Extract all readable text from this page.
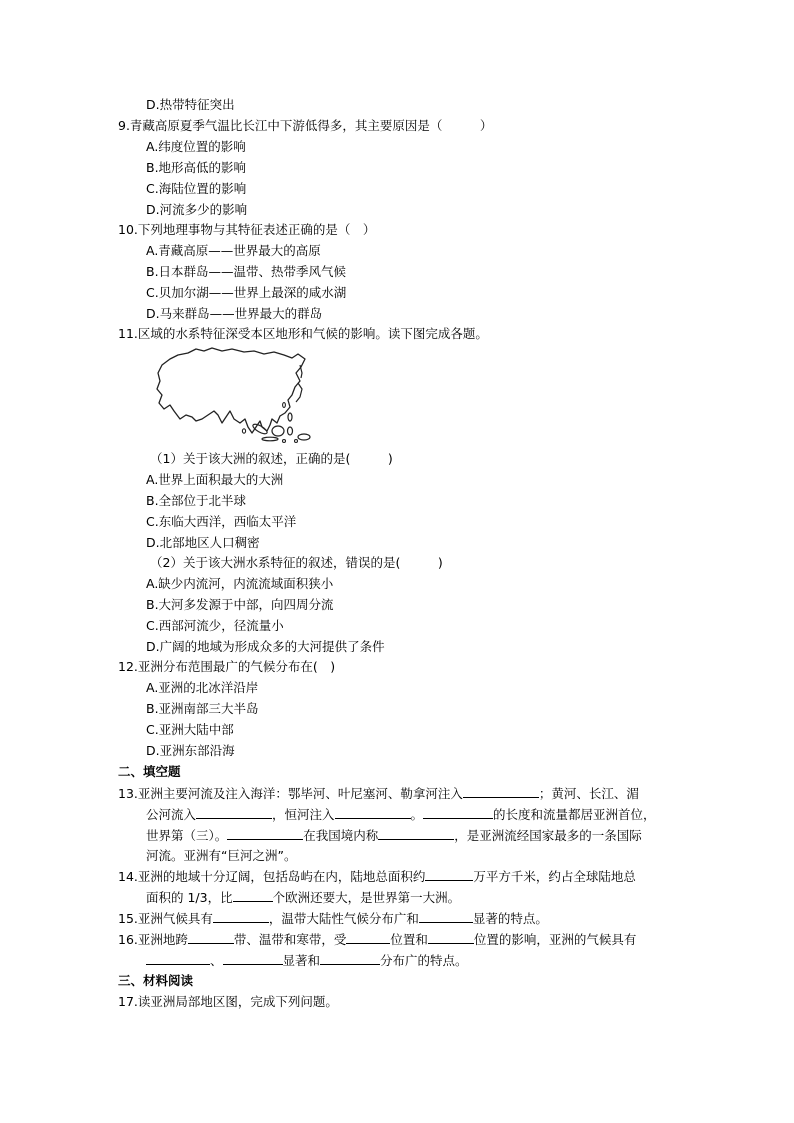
D.热带特征突出
9.青藏高原夏季气温比长江中下游低得多，其主要原因是（　　　）
A.纬度位置的影响
B.地形高低的影响
C.海陆位置的影响
D.河流多少的影响
10.下列地理事物与其特征表述正确的是（　）
A.青藏高原——世界最大的高原
B.日本群岛——温带、热带季风气候
C.贝加尔湖——世界上最深的咸水湖
D.马来群岛——世界最大的群岛
11.区域的水系特征深受本区地形和气候的影响。读下图完成各题。
（1）关于该大洲的叙述，正确的是(　　　)
A.世界上面积最大的大洲
B.全部位于北半球
C.东临大西洋，西临太平洋
D.北部地区人口稠密
（2）关于该大洲水系特征的叙述，错误的是(　　　)
A.缺少内流河，内流流域面积狭小
B.大河多发源于中部，向四周分流
C.西部河流少，径流量小
D.广阔的地域为形成众多的大河提供了条件
12.亚洲分布范围最广的气候分布在(　)
A.亚洲的北冰洋沿岸
B.亚洲南部三大半岛
C.亚洲大陆中部
D.亚洲东部沿海
二、填空题
13.亚洲主要河流及注入海洋：鄂毕河、叶尼塞河、勒拿河注入	；黄河、长江、湄
公河流入	，恒河注入	。	的长度和流量都居亚洲首位，
世界第（三）。	在我国境内称	，是亚洲流经国家最多的一条国际
河流。亚洲有“巨河之洲”。
14.亚洲的地域十分辽阔，包括岛屿在内，陆地总面积约	万平方千米，约占全球陆地总
面积的 1/3，比	个欧洲还要大，是世界第一大洲。
15.亚洲气候具有	，温带大陆性气候分布广和	显著的特点。
16.亚洲地跨	带、温带和寒带，受	位置和	位置的影响，亚洲的气候具有
、	显著和	分布广的特点。
三、材料阅读
17.读亚洲局部地区图，完成下列问题。
